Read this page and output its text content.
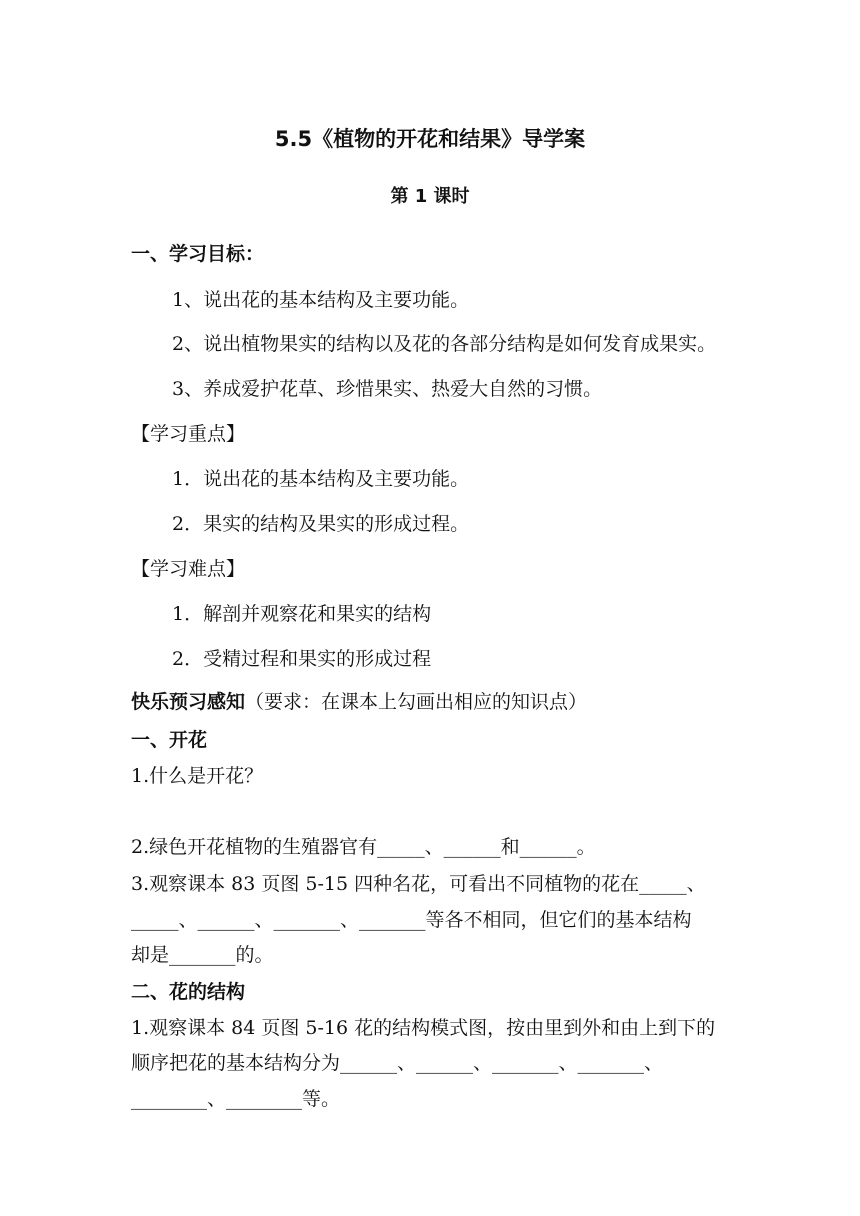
5.5《植物的开花和结果》导学案
第 1 课时
一、学习目标：
1、说出花的基本结构及主要功能。
2、说出植物果实的结构以及花的各部分结构是如何发育成果实。
3、养成爱护花草、珍惜果实、热爱大自然的习惯。
【学习重点】
1．说出花的基本结构及主要功能。
2．果实的结构及果实的形成过程。
【学习难点】
1．解剖并观察花和果实的结构
2．受精过程和果实的形成过程
快乐预习感知（要求：在课本上勾画出相应的知识点）
一、开花
1.什么是开花？
2.绿色开花植物的生殖器官有_____、______和______。
3.观察课本 83 页图 5-15 四种名花，可看出不同植物的花在_____、
_____、______、_______、_______等各不相同，但它们的基本结构
却是_______的。
二、花的结构
1.观察课本 84 页图 5-16 花的结构模式图，按由里到外和由上到下的
顺序把花的基本结构分为______、______、_______、_______、
________、________等。
